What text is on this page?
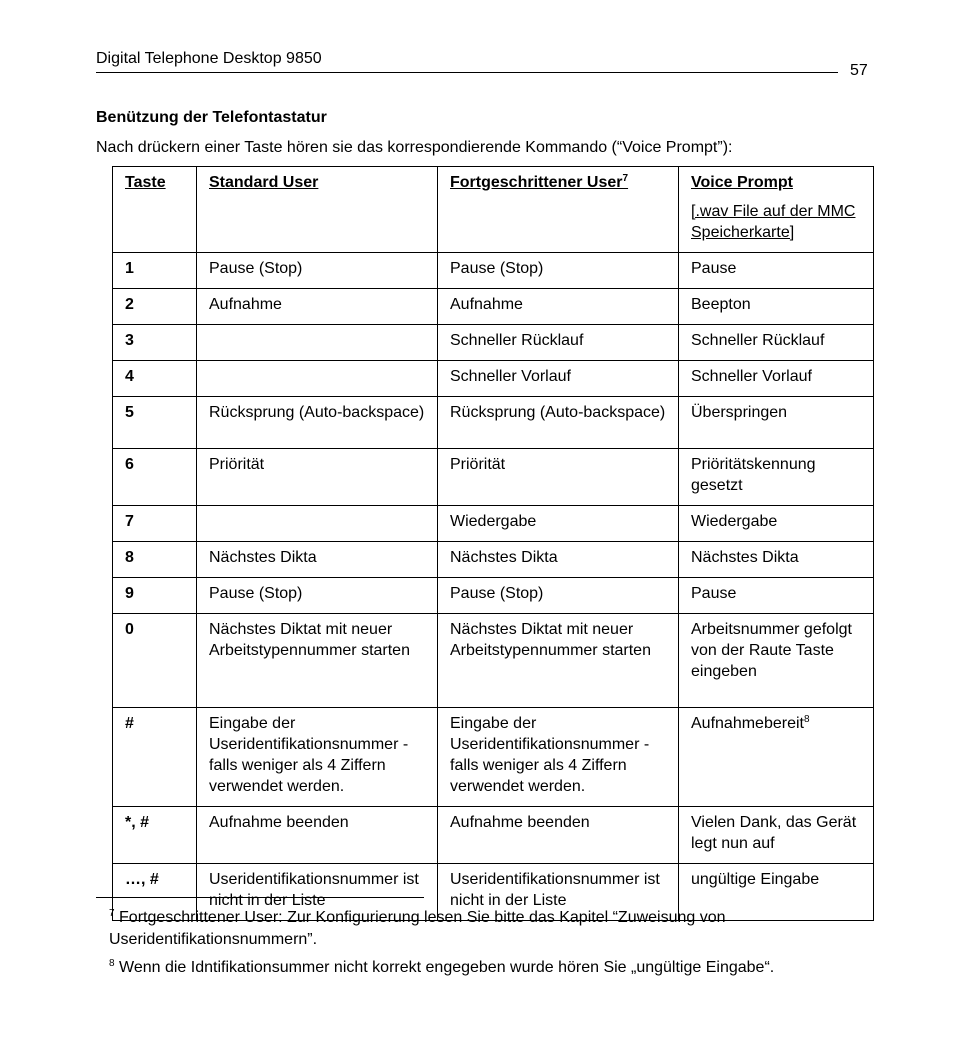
Digital Telephone Desktop 9850
57
Benützung der Telefontastatur
Nach drückern einer Taste hören sie das korrespondierende Kommando (“Voice Prompt”):
Taste	Standard User	Fortgeschrittener User$^7$	Voice Prompt
[.wav File auf der MMC Speicherkarte]

1	Pause (Stop)	Pause (Stop)	Pause
2	Aufnahme	Aufnahme	Beepton
3		Schneller Rücklauf	Schneller Rücklauf
4		Schneller Vorlauf	Schneller Vorlauf
5	Rücksprung (Auto-backspace)	Rücksprung (Auto-backspace)	Überspringen
6	Priörität	Priörität	Priöritätskennung gesetzt
7		Wiedergabe	Wiedergabe
8	Nächstes Dikta	Nächstes Dikta	Nächstes Dikta
9	Pause (Stop)	Pause (Stop)	Pause
0	Nächstes Diktat mit neuer Arbeitstypennummer starten	Nächstes Diktat mit neuer Arbeitstypennummer starten	Arbeitsnummer gefolgt von der Raute Taste eingeben
#	Eingabe der Useridentifikationsnummer - falls weniger als 4 Ziffern verwendet werden.	Eingabe der Useridentifikationsnummer - falls weniger als 4 Ziffern verwendet werden.	Aufnahmebereit$^8$
*, #	Aufnahme beenden	Aufnahme beenden	Vielen Dank, das Gerät legt nun auf
…, #	Useridentifikationsnummer ist nicht in der Liste	Useridentifikationsnummer ist nicht in der Liste	ungültige Eingabe
$^7$ Fortgeschrittener User: Zur Konfigurierung lesen Sie bitte das Kapitel “Zuweisung von Useridentifikationsnummern”.
$^8$ Wenn die Idntifikationsummer nicht korrekt engegeben wurde hören Sie „ungültige Eingabe“.
